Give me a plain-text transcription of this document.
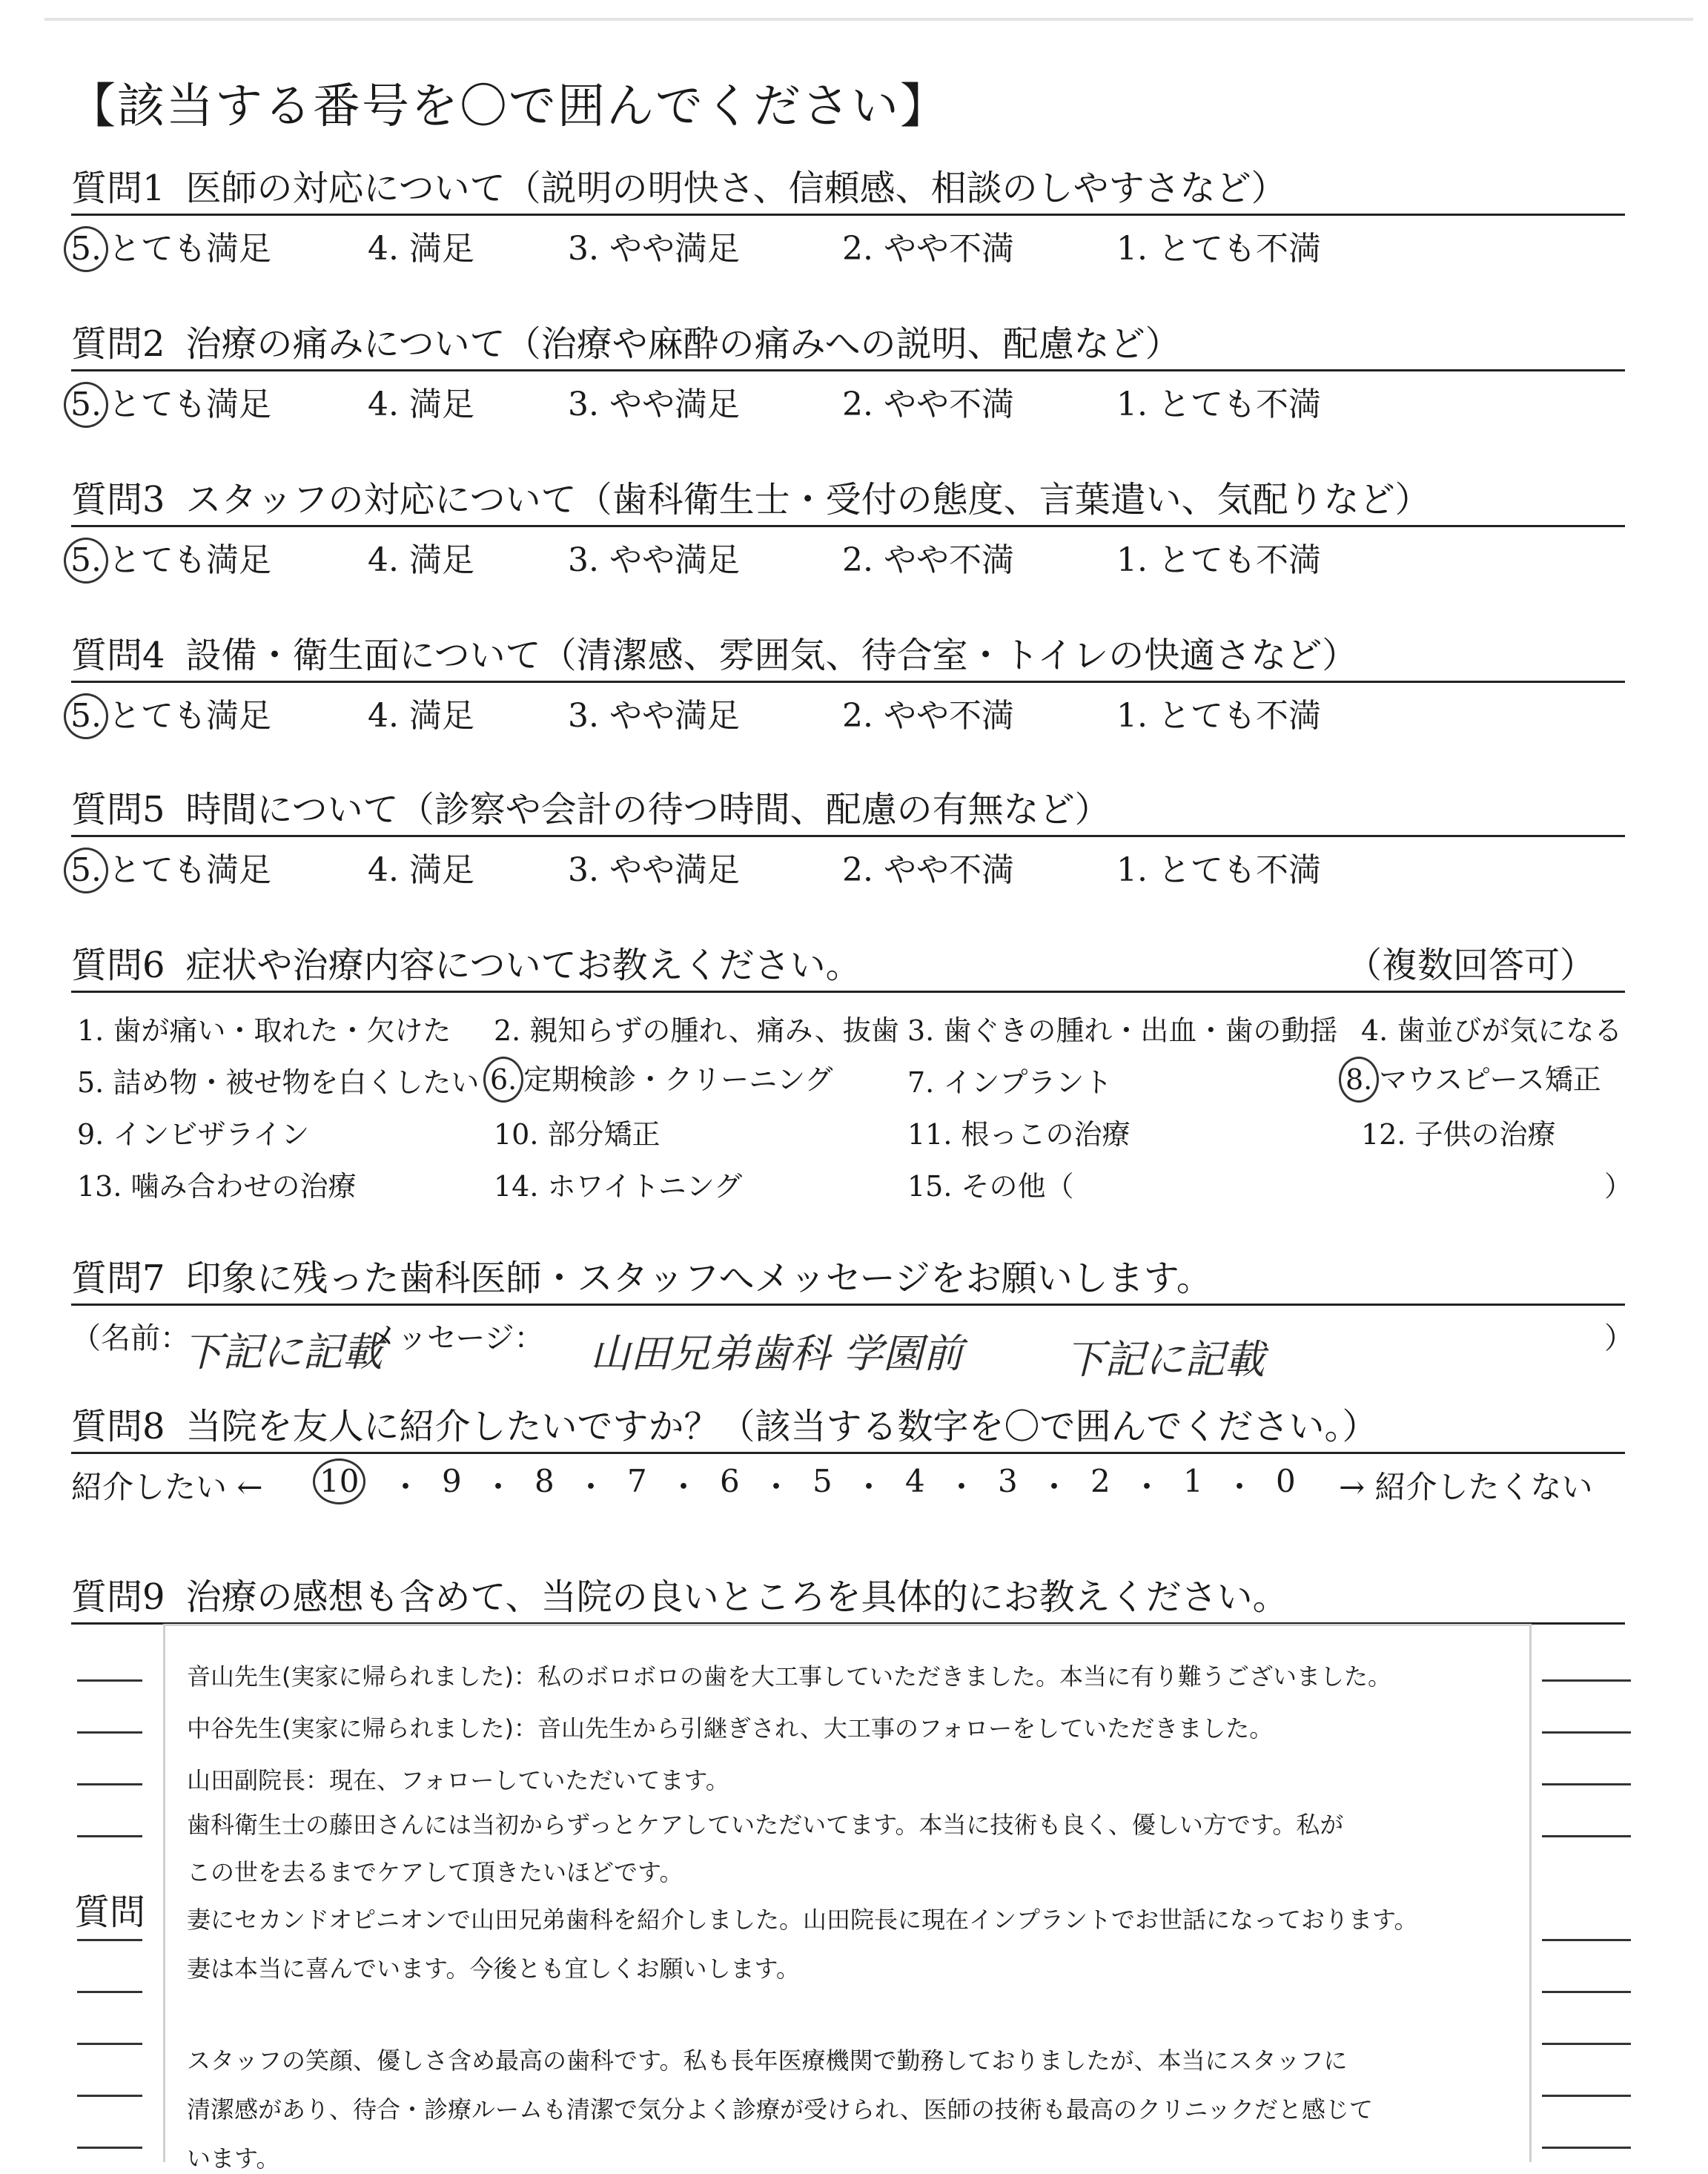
【該当する番号を〇で囲んでください】
質問1 医師の対応について（説明の明快さ、信頼感、相談のしやすさなど）
5. とても満足	4. 満足	3. やや満足	2. やや不満	1. とても不満
質問2 治療の痛みについて（治療や麻酔の痛みへの説明、配慮など）
5. とても満足	4. 満足	3. やや満足	2. やや不満	1. とても不満
質問3 スタッフの対応について（歯科衛生士・受付の態度、言葉遣い、気配りなど）
5. とても満足	4. 満足	3. やや満足	2. やや不満	1. とても不満
質問4 設備・衛生面について（清潔感、雰囲気、待合室・トイレの快適さなど）
5. とても満足	4. 満足	3. やや満足	2. やや不満	1. とても不満
質問5 時間について（診察や会計の待つ時間、配慮の有無など）
5. とても満足	4. 満足	3. やや満足	2. やや不満	1. とても不満
質問6 症状や治療内容についてお教えください。	（複数回答可）
1. 歯が痛い・取れた・欠けた 2. 親知らずの腫れ、痛み、抜歯 3. 歯ぐきの腫れ・出血・歯の動揺 4. 歯並びが気になる
5. 詰め物・被せ物を白くしたい 6. 定期検診・クリーニング	7. インプラント	8. マウスピース矯正
9. インビザライン	10. 部分矯正	11. 根っこの治療	12. 子供の治療
13. 噛み合わせの治療	14. ホワイトニング	15. その他（	）
質問7 印象に残った歯科医師・スタッフへメッセージをお願いします。
（名前：
下記に記載
メッセージ： 山田兄弟歯科 学園前	下記に記載	）
質問8 当院を友人に紹介したいですか？（該当する数字を〇で囲んでください。）
紹介したい ← 10 ・ 9 ・ 8 ・ 7 ・ 6 ・ 5 ・ 4 ・ 3 ・ 2 ・ 1 ・ 0 → 紹介したくない
質問9 治療の感想も含めて、当院の良いところを具体的にお教えください。
質問
音山先生(実家に帰られました)：私のボロボロの歯を大工事していただきました。本当に有り難うございました。
中谷先生(実家に帰られました)：音山先生から引継ぎされ、大工事のフォローをしていただきました。
山田副院長：現在、フォローしていただいてます。
歯科衛生士の藤田さんには当初からずっとケアしていただいてます。本当に技術も良く、優しい方です。私が
この世を去るまでケアして頂きたいほどです。
妻にセカンドオピニオンで山田兄弟歯科を紹介しました。山田院長に現在インプラントでお世話になっております。
妻は本当に喜んでいます。今後とも宜しくお願いします。
スタッフの笑顔、優しさ含め最高の歯科です。私も長年医療機関で勤務しておりましたが、本当にスタッフに
清潔感があり、待合・診療ルームも清潔で気分よく診療が受けられ、医師の技術も最高のクリニックだと感じて
います。
